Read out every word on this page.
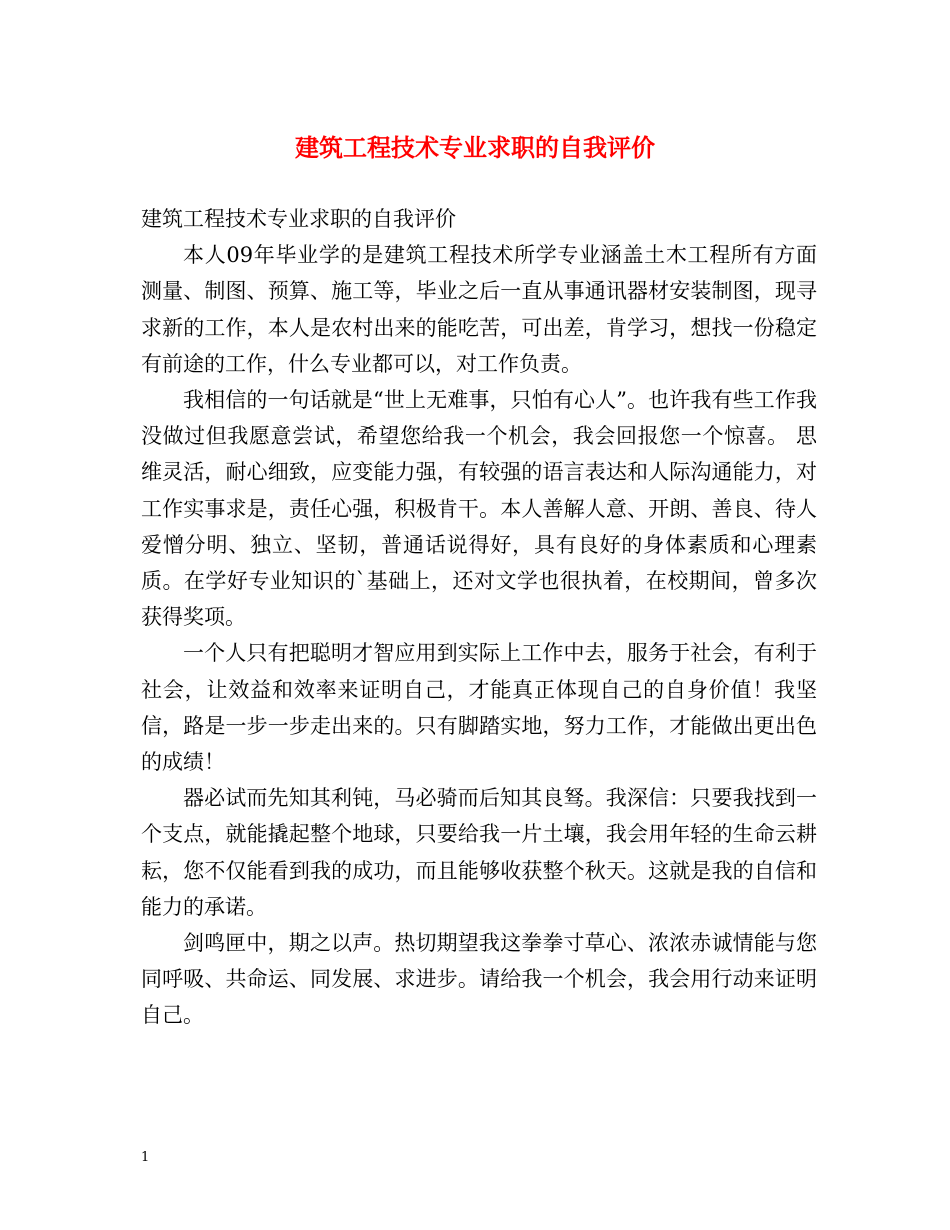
建筑工程技术专业求职的自我评价

建筑工程技术专业求职的自我评价

本人09年毕业学的是建筑工程技术所学专业涵盖土木工程所有方面测量、制图、预算、施工等，毕业之后一直从事通讯器材安装制图，现寻求新的工作，本人是农村出来的能吃苦，可出差，肯学习，想找一份稳定有前途的工作，什么专业都可以，对工作负责。

我相信的一句话就是“世上无难事，只怕有心人”。也许我有些工作我没做过但我愿意尝试，希望您给我一个机会，我会回报您一个惊喜。 思维灵活，耐心细致，应变能力强，有较强的语言表达和人际沟通能力，对工作实事求是，责任心强，积极肯干。本人善解人意、开朗、善良、待人爱憎分明、独立、坚韧，普通话说得好，具有良好的身体素质和心理素质。在学好专业知识的`基础上，还对文学也很执着，在校期间，曾多次获得奖项。

一个人只有把聪明才智应用到实际上工作中去，服务于社会，有利于社会，让效益和效率来证明自己，才能真正体现自己的自身价值！我坚信，路是一步一步走出来的。只有脚踏实地，努力工作，才能做出更出色的成绩！

器必试而先知其利钝，马必骑而后知其良驽。我深信：只要我找到一个支点，就能撬起整个地球，只要给我一片土壤，我会用年轻的生命云耕耘，您不仅能看到我的成功，而且能够收获整个秋天。这就是我的自信和能力的承诺。

剑鸣匣中，期之以声。热切期望我这拳拳寸草心、浓浓赤诚情能与您同呼吸、共命运、同发展、求进步。请给我一个机会，我会用行动来证明自己。

1
